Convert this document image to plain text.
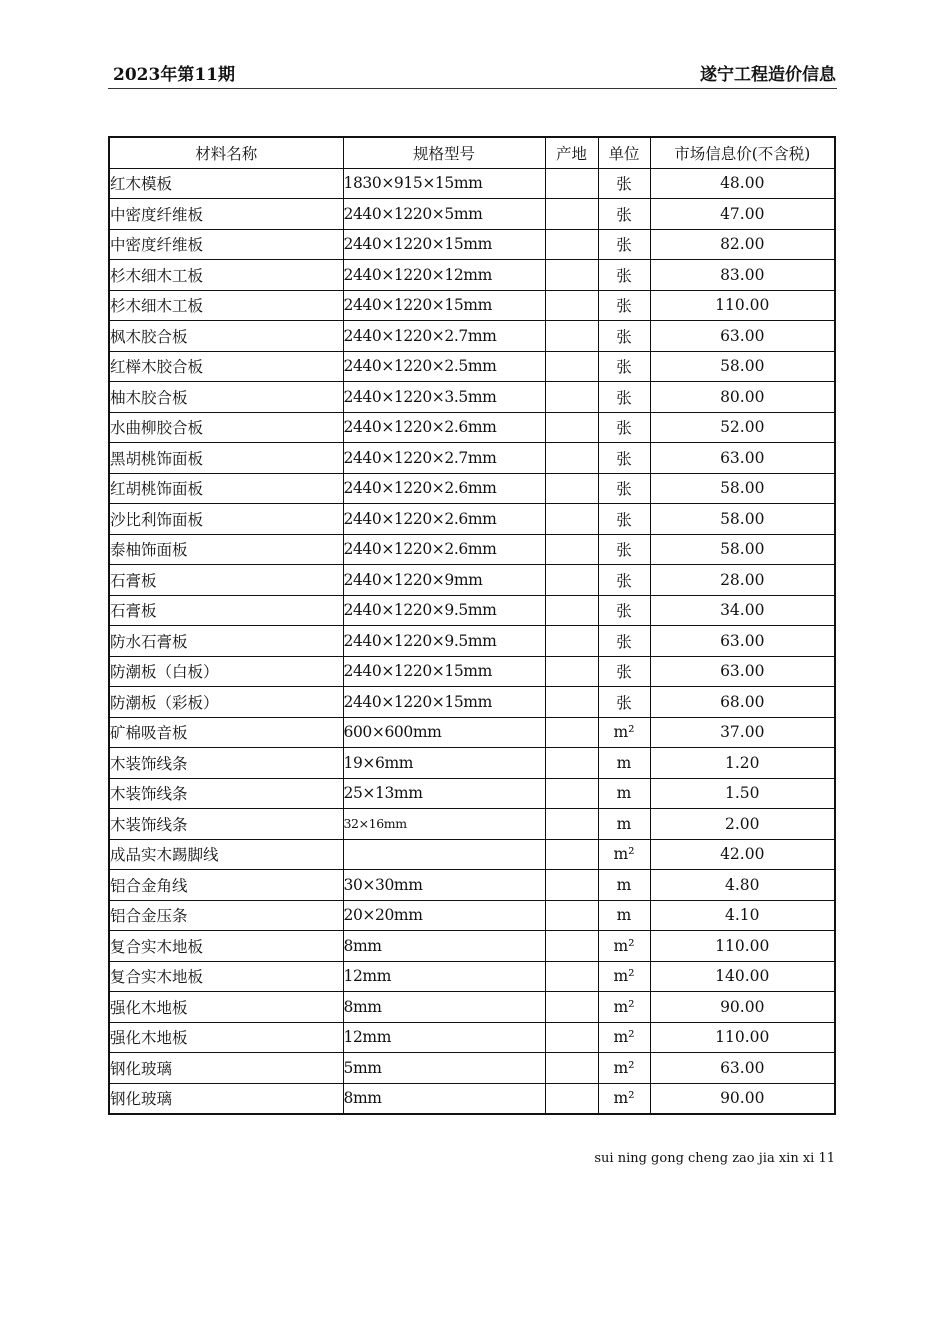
2023年第11期	遂宁工程造价信息
材料名称	规格型号	产地	单位	市场信息价(不含税)
红木模板	1830×915×15mm		张	48.00
中密度纤维板	2440×1220×5mm		张	47.00
中密度纤维板	2440×1220×15mm		张	82.00
杉木细木工板	2440×1220×12mm		张	83.00
杉木细木工板	2440×1220×15mm		张	110.00
枫木胶合板	2440×1220×2.7mm		张	63.00
红榉木胶合板	2440×1220×2.5mm		张	58.00
柚木胶合板	2440×1220×3.5mm		张	80.00
水曲柳胶合板	2440×1220×2.6mm		张	52.00
黑胡桃饰面板	2440×1220×2.7mm		张	63.00
红胡桃饰面板	2440×1220×2.6mm		张	58.00
沙比利饰面板	2440×1220×2.6mm		张	58.00
泰柚饰面板	2440×1220×2.6mm		张	58.00
石膏板	2440×1220×9mm		张	28.00
石膏板	2440×1220×9.5mm		张	34.00
防水石膏板	2440×1220×9.5mm		张	63.00
防潮板（白板）	2440×1220×15mm		张	63.00
防潮板（彩板）	2440×1220×15mm		张	68.00
矿棉吸音板	600×600mm		m²	37.00
木装饰线条	19×6mm		m	1.20
木装饰线条	25×13mm		m	1.50
木装饰线条	32×16mm		m	2.00
成品实木踢脚线			m²	42.00
铝合金角线	30×30mm		m	4.80
铝合金压条	20×20mm		m	4.10
复合实木地板	8mm		m²	110.00
复合实木地板	12mm		m²	140.00
强化木地板	8mm		m²	90.00
强化木地板	12mm		m²	110.00
钢化玻璃	5mm		m²	63.00
钢化玻璃	8mm		m²	90.00
sui ning gong cheng zao jia xin xi 11
